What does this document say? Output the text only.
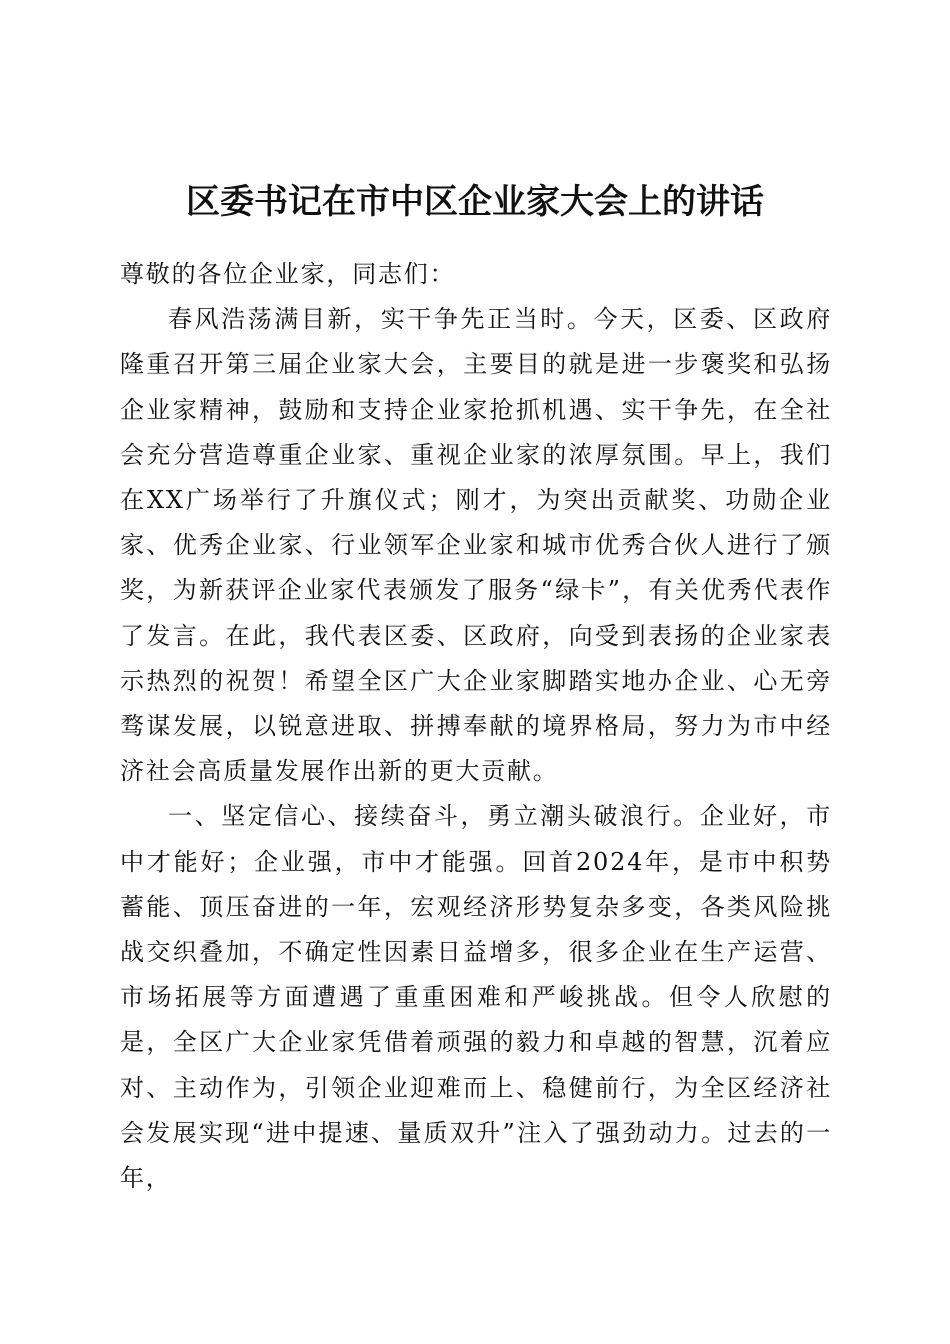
区委书记在市中区企业家大会上的讲话

尊敬的各位企业家，同志们：

春风浩荡满目新，实干争先正当时。今天，区委、区政府隆重召开第三届企业家大会，主要目的就是进一步褒奖和弘扬企业家精神，鼓励和支持企业家抢抓机遇、实干争先，在全社会充分营造尊重企业家、重视企业家的浓厚氛围。早上，我们在XX广场举行了升旗仪式；刚才，为突出贡献奖、功勋企业家、优秀企业家、行业领军企业家和城市优秀合伙人进行了颁奖，为新获评企业家代表颁发了服务“绿卡”，有关优秀代表作了发言。在此，我代表区委、区政府，向受到表扬的企业家表示热烈的祝贺！希望全区广大企业家脚踏实地办企业、心无旁骛谋发展，以锐意进取、拼搏奉献的境界格局，努力为市中经济社会高质量发展作出新的更大贡献。

一、坚定信心、接续奋斗，勇立潮头破浪行。企业好，市中才能好；企业强，市中才能强。回首2024年，是市中积势蓄能、顶压奋进的一年，宏观经济形势复杂多变，各类风险挑战交织叠加，不确定性因素日益增多，很多企业在生产运营、市场拓展等方面遭遇了重重困难和严峻挑战。但令人欣慰的是，全区广大企业家凭借着顽强的毅力和卓越的智慧，沉着应对、主动作为，引领企业迎难而上、稳健前行，为全区经济社会发展实现“进中提速、量质双升”注入了强劲动力。过去的一年，
